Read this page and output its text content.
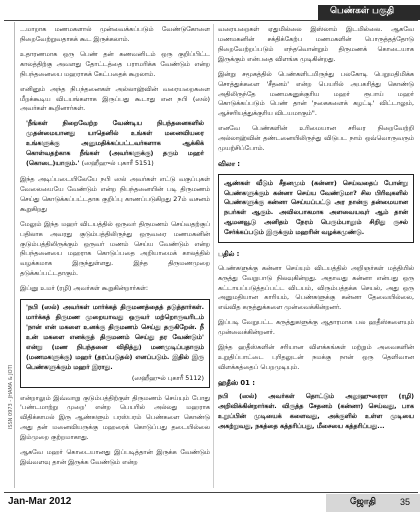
பெண்கள் பகுதி
ISSN 0973 - JHAMA & JOTI

...மாறாக மணமகளால் முன்வைக்கப்படும் வேண்டுகோளை நிறைவேற்றுவதாகக் கூட இருக்கலாம்.

உதாரணமாக ஒரு பெண் தன் கணவனிடம் ஒரு குறிப்பிட்ட காலத்திற்கு அவளது தோட்டத்தை பராமரிக்க வேண்டும் என்ற நிபந்தனையை மஹராகக் கேட்பதைக் கூறலாம்.

எனினும் அந்த நிபந்தனைகள் அல்லாஹ்வின் வரையறைகளை மீறக்கூடிய விடயங்களாக இருப்பது கூடாது என நபி (ஸல்) அவர்கள் கூறினார்கள்.

'நீங்கள் நிறைவேற்ற வேண்டிய நிபந்தனைகளில் முதன்மையானது யாதெனில் உங்கள் மனைவியரை உங்களுக்கு அனுமதிக்கப்பட்டவர்களாக ஆக்கிக் கொள்வதற்காக நீங்கள் (அவர்களுக்கு) தரும் மஹர் (கொடை)யாகும்.' (ஸஹீஹுல் புகாரீ 5151)

இந்த அடிப்படையிலேயே நபி ஸல் அவர்கள் எட்டு வகுப்புகள் வேலையையே வேண்டும் என்ற நிபந்தனையின் படி திருமணம் செய்து கொடுக்கப்பட்டதாக குறிப்பு காணப்படுகிறது 27ம் வசனம் கூறுகிறது

மேலும் இந்த மஹர் விடயத்தில் ஒருவர் திருமணம் செய்வதற்குப் பதிலாக அவரது குடும்பத்திலிருந்து ஒருவரை மணமகனின் குடும்பத்திலிருக்கும் ஒருவர் மணம் செய்ய வேண்டும் என்ற நிபந்தனையை மஹராக கொடுப்பதை அறியாமைக் காலத்தில் வழக்கமாக இருந்துள்ளது. இந்த திருமணமுறை தடுக்கப்பட்டதாகும்.

இப்னு உமர் (ரழி) அவர்கள் கூறுகின்றார்கள்:

'நபி (ஸல்) அவர்கள் மார்க்கத் திருமணத்தைத் தடுத்தார்கள். மார்க்கத் திருமண முறையாவது ஒருவர் மற்றொருவரிடம் 'நான் என் மகளை உனக்கு திருமணம் செய்து தருகிறேன். நீ உன் மகளை எனக்குத் திருமணம் செய்து தர வேண்டும்' என்று (மண நிபந்தனை விதித்து) மணமுடிப்பதாகும் (மணமகளுக்கு) மஹர் (தரப்படுதல்) எனப்படும். இதில் இரு பெண்களுக்கும் மஹர் இராது.
(ஸஹீஹுல் புகாரீ 5112)

என்றாலும் இவ்வாறு குடும்பத்திற்குள் திருமணம் செய்யும் போது 'பண்டமாற்று முறை' என்ற பெயரில் அல்லது மஹராக விதிக்காமல் இரு ஆண்களும் பரஸ்பரம் பெண்களை கொண்டு அது தன் மனைவியருக்கு மஹரைக் கொடுப்பது தடையில்லை இம்முறை குற்றமாகாது.

ஆகவே மஹர் கொடையானது இப்படித்தான் இருக்க வேண்டும் இவ்வளவு தான் இருக்க வேண்டும் என்ற

வரையறைகள் ஏதுமில்லை இஸ்லாம் இடமில்லை. ஆகவே மணமகனின் சக்திக்கேற்ப மணமகளின் பொருத்தத்தோடு நிறைவேற்றப்படும் எந்தவொன்றும் திருமணக் கொடையாக இருக்கும் என்பதை விளங்க முடிகின்றது.

இன்று சமூகத்தில் பெண்களிடமிருந்து பலகோடி பெறுமதிமிக்க சொத்துக்களை 'சீதனம்' என்ற பெயரில் அபகரித்து கொண்டு அதிலிருந்தே மணமகனுக்குரிய மஹர் ரூபாய் மஹர் கொடுக்கப்படும் பெண் தான் 'நகைகளைக் கழட்டி' விட்டாலும், ஆச்சரியத்துக்குரிய விடயமாகும்".

எனவே பெண்களின் உரிமையான சரிவர நிறைவேற்றி அல்லாஹ்வின் தண்டனையிலிருந்து விடுபட நாம் ஒவ்வொருவரும் முயற்சிப்போம்.

விலா :
ஆண்கள் வீடும் சீதனமும் (கன்னா) செய்வதைப் போன்று பெண்களுக்கும் கன்னா செய்ய வேண்டுமா? சில பிரிவுகளில் பெண்களுக்கு கன்னா செய்யப்பட்டு அர நான்கு தன்மையான நபர்கள் ஆகும். அவிலபாகமாக அளவையவுர் ஆம் தான் ஆமனவூடு அனிதம் நேரம் பெரும்பாலும் சிறிது ருசல் சேர்க்கப்படும் இருக்கும் மஹரின் வழக்கமுண்டு.
பதில் :

பெண்களுக்கு கன்னா செய்யும் விடயத்தில் அறிஞர்கள் மத்தியில் கருத்து வேறுபாடு நிலவுகின்றது. அதாவது கன்னா என்பது ஒரு கட்டாயப்படுத்தப்பட்ட விடயம், விரும்பத்தக்க செயல், அது ஒரு அனுமதியான காரியம், பெண்களுக்கு கன்னா தேவையில்லை, எவ்வித கருத்துக்களை முன்வைக்கின்றனர்.

இப்படி வேறுபட்ட கருத்துகளுக்கு ஆதாரமாக பல ஹதீஸ்களையும் முன்வைக்கின்றனர்.

இந்த ஹதீஸ்களின் சரியான விளக்கங்கள் மற்றும் அவைகளின் உறுதிப்பாட்டை புரிதலுடன் நமக்கு நான் ஒரு தெளிவான விளக்கத்தைப் பெறமுடியும்.

ஹதீஸ் 01 :

நபி (ஸல்) அவர்கள் தொட்டும் அலூஹுரைரா (ரழி) அறிவிக்கின்றார்கள். விருத்த சேதனம் (கன்னா) செய்வது, பாக உறுப்பின் முடியைக் களைவது, அக்குளில் உள்ள முடியை அகற்றுவது, நகத்தை கத்தரிப்பது, மீசையை கத்தரிப்பது...

Jan-Mar 2012	ஜோதி	35
